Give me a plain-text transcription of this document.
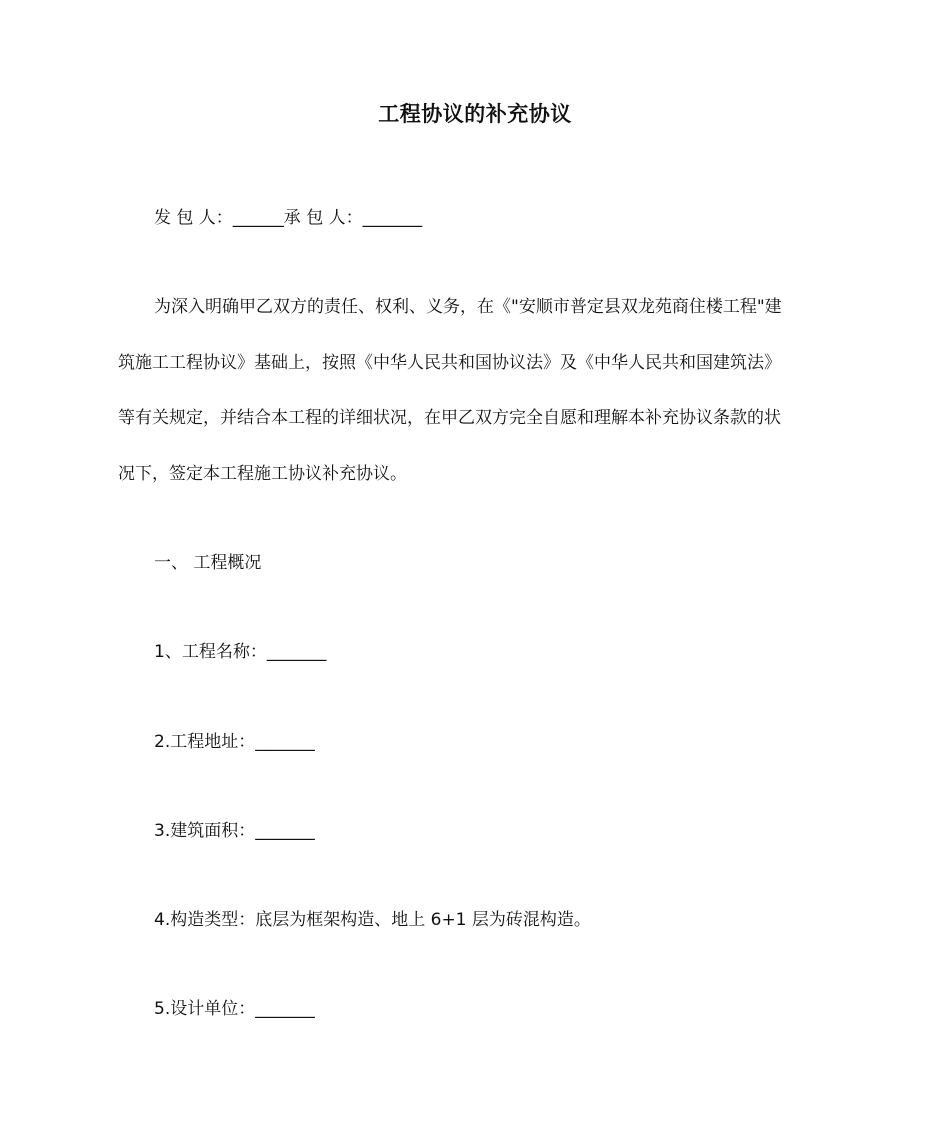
工程协议的补充协议
发 包 人：______承 包 人：_______
为深入明确甲乙双方的责任、权利、义务，在《"安顺市普定县双龙苑商住楼工程"建
筑施工工程协议》基础上，按照《中华人民共和国协议法》及《中华人民共和国建筑法》
等有关规定，并结合本工程的详细状况，在甲乙双方完全自愿和理解本补充协议条款的状
况下，签定本工程施工协议补充协议。
一、 工程概况
1、工程名称：_______
2.工程地址：_______
3.建筑面积：_______
4.构造类型：底层为框架构造、地上 6+1 层为砖混构造。
5.设计单位：_______
